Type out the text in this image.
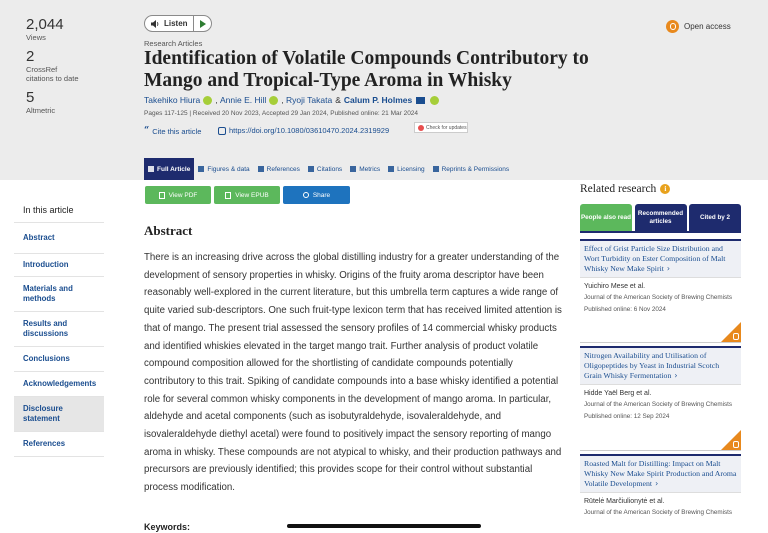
2,044
Views
2
CrossRef
citations to date
5
Altmetric
Listen	Open access
Research Articles
Identification of Volatile Compounds Contributory to Mango and Tropical-Type Aroma in Whisky
Takehiko Hiura ,
Annie E. Hill ,
Ryoji Takata & Calum P. Holmes
Pages 117-125 | Received 20 Nov 2023, Accepted 29 Jan 2024, Published online: 21 Mar 2024
“ Cite this article	https://doi.org/10.1080/03610470.2024.2319929	Check for updates
Full Article	Figures & data	References	Citations	Metrics	Licensing	Reprints & Permissions
View PDF	View EPUB	Share
In this article
Abstract
Introduction
Materials and methods
Results and discussions
Conclusions
Acknowledgements
Disclosure statement
References
Abstract

There is an increasing drive across the global distilling industry for a greater understanding of the development of sensory properties in whisky. Origins of the fruity aroma descriptor have been reasonably well-explored in the current literature, but this umbrella term captures a wide range of quite varied sub-descriptors. One such fruit-type lexicon term that has received limited attention is that of mango. The present trial assessed the sensory profiles of 14 commercial whisky products and identified whiskies elevated in the target mango trait. Further analysis of product volatile compound composition allowed for the shortlisting of candidate compounds potentially contributory to this trait. Spiking of candidate compounds into a base whisky identified a potential role for several common whisky components in the development of mango aroma. In particular, aldehyde and acetal components (such as isobutyraldehyde, isovaleraldehyde, and isovaleraldehyde diethyl acetal) were found to positively impact the sensory reporting of mango aroma in whisky. These compounds are not atypical to whisky, and their production pathways and precursors are previously identified; this provides scope for their control without substantial process modification.

Keywords:
Related research	i
People also read
Recommended articles
Cited by 2
Effect of Grist Particle Size Distribution and Wort Turbidity on Ester Composition of Malt Whisky New Make Spirit ›
Yuichiro Mese et al.
Journal of the American Society of Brewing Chemists
Published online: 6 Nov 2024
Nitrogen Availability and Utilisation of Oligopeptides by Yeast in Industrial Scotch Grain Whisky Fermentation ›
Hidde Yaël Berg et al.
Journal of the American Society of Brewing Chemists
Published online: 12 Sep 2024
Roasted Malt for Distilling: Impact on Malt Whisky New Make Spirit Production and Aroma Volatile Development ›
Rūtelė Marčiulionytė et al.
Journal of the American Society of Brewing Chemists
